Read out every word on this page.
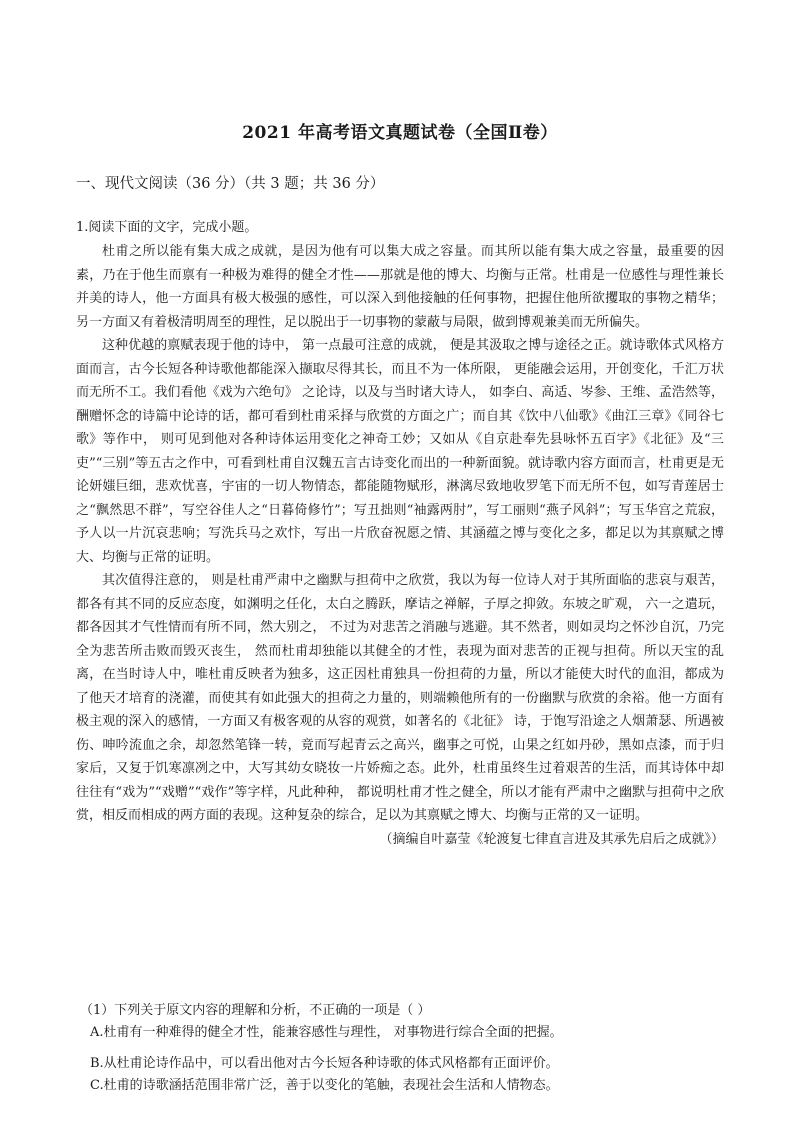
2021 年高考语文真题试卷（全国Ⅱ卷）
一、现代文阅读（36 分）（共 3 题；共 36 分）
1.阅读下面的文字，完成小题。

杜甫之所以能有集大成之成就，是因为他有可以集大成之容量。而其所以能有集大成之容量，最重要的因素，乃在于他生而禀有一种极为难得的健全才性——那就是他的博大、均衡与正常。杜甫是一位感性与理性兼长并美的诗人，他一方面具有极大极强的感性，可以深入到他接触的任何事物，把握住他所欲攫取的事物之精华；另一方面又有着极清明周至的理性，足以脱出于一切事物的蒙蔽与局限，做到博观兼美而无所偏失。

这种优越的禀赋表现于他的诗中， 第一点最可注意的成就， 便是其汲取之博与途径之正。就诗歌体式风格方面而言，古今长短各种诗歌他都能深入撷取尽得其长，而且不为一体所限， 更能融会运用，开创变化，千汇万状而无所不工。我们看他《戏为六绝句》 之论诗，以及与当时诸大诗人， 如李白、高适、岑参、王维、孟浩然等，酬赠怀念的诗篇中论诗的话，都可看到杜甫采择与欣赏的方面之广；而自其《饮中八仙歌》《曲江三章》《同谷七歌》等作中， 则可见到他对各种诗体运用变化之神奇工妙；又如从《自京赴奉先县咏怀五百字》《北征》及“三吏”“三别”等五古之作中，可看到杜甫自汉魏五言古诗变化而出的一种新面貌。就诗歌内容方面而言，杜甫更是无论妍媸巨细，悲欢忧喜，宇宙的一切人物情态，都能随物赋形，淋漓尽致地收罗笔下而无所不包，如写青莲居士之“飘然思不群”，写空谷佳人之“日暮倚修竹”；写丑拙则“袖露两肘”，写工丽则“燕子风斜”；写玉华宫之荒寂，予人以一片沉哀悲响；写洗兵马之欢忭，写出一片欣奋祝愿之情、其涵蕴之博与变化之多，都足以为其禀赋之博大、均衡与正常的证明。

其次值得注意的， 则是杜甫严肃中之幽默与担荷中之欣赏，我以为每一位诗人对于其所面临的悲哀与艰苦，都各有其不同的反应态度，如渊明之任化，太白之腾跃，摩诘之禅解，子厚之抑敛。东坡之旷观， 六一之遣玩，都各因其才气性情而有所不同，然大别之， 不过为对悲苦之消融与逃避。其不然者，则如灵均之怀沙自沉，乃完全为悲苦所击败而毁灭丧生， 然而杜甫却独能以其健全的才性，表现为面对悲苦的正视与担荷。所以天宝的乱离，在当时诗人中，唯杜甫反映者为独多，这正因杜甫独具一份担荷的力量，所以才能使大时代的血泪，都成为了他天才培育的浇灌，而使其有如此强大的担荷之力量的，则端赖他所有的一份幽默与欣赏的余裕。他一方面有极主观的深入的感情，一方面又有极客观的从容的观赏，如著名的《北征》 诗，于饱写沿途之人烟萧瑟、所遇被伤、呻吟流血之余，却忽然笔锋一转，竟而写起青云之高兴，幽事之可悦，山果之红如丹砂，黑如点漆，而于归家后，又复于饥寒凛冽之中，大写其幼女晓妆一片娇痴之态。此外，杜甫虽终生过着艰苦的生活，而其诗体中却往往有“戏为”“戏赠”“戏作”等字样，凡此种种， 都说明杜甫才性之健全，所以才能有严肃中之幽默与担荷中之欣赏，相反而相成的两方面的表现。这种复杂的综合，足以为其禀赋之博大、均衡与正常的又一证明。

（摘编自叶嘉莹《轮渡复七律直言进及其承先启后之成就》）

（1）下列关于原文内容的理解和分析，不正确的一项是（ ）
A.杜甫有一种难得的健全才性，能兼容感性与理性， 对事物进行综合全面的把握。
B.从杜甫论诗作品中，可以看出他对古今长短各种诗歌的体式风格都有正面评价。
C.杜甫的诗歌涵括范围非常广泛，善于以变化的笔触，表现社会生活和人情物态。
